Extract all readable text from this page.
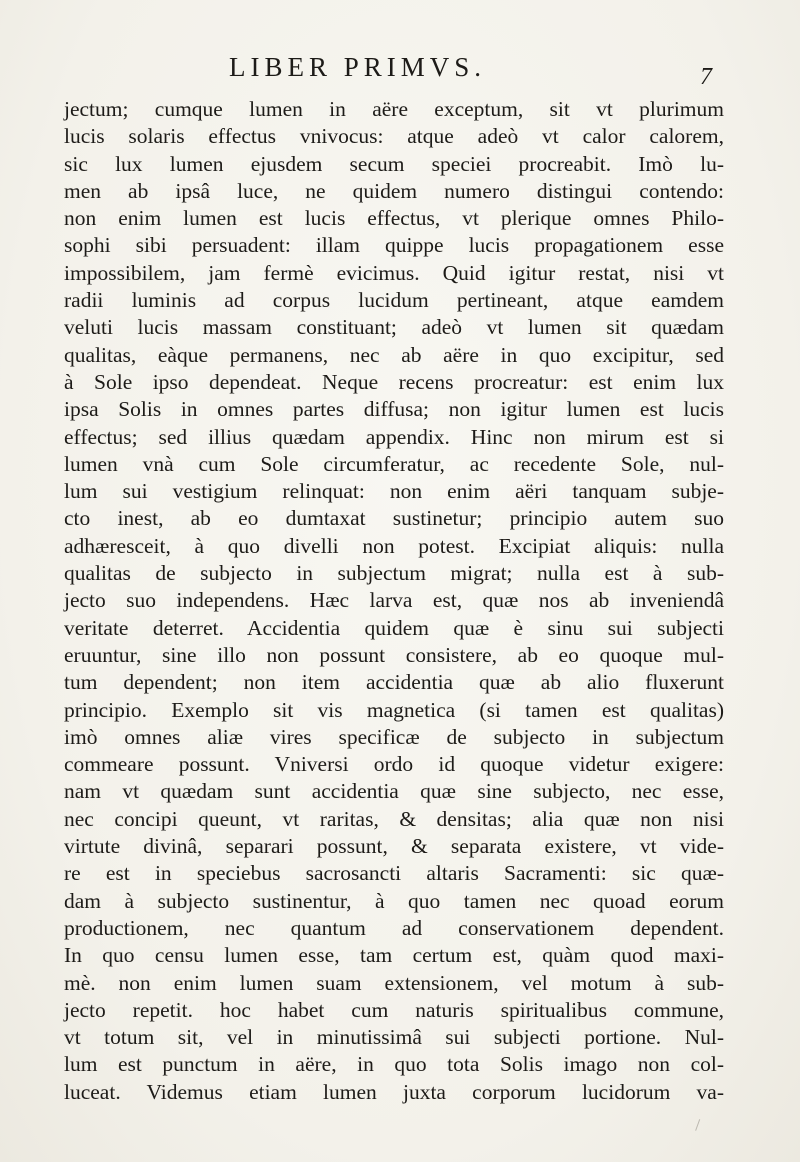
LIBER PRIMVS.	7
jectum; cumque lumen in aëre exceptum, sit vt plurimum
lucis solaris effectus vnivocus: atque adeò vt calor calorem,
sic lux lumen ejusdem secum speciei procreabit. Imò lu-
men ab ipsâ luce, ne quidem numero distingui contendo:
non enim lumen est lucis effectus, vt plerique omnes Philo-
sophi sibi persuadent: illam quippe lucis propagationem esse
impossibilem, jam fermè evicimus. Quid igitur restat, nisi vt
radii luminis ad corpus lucidum pertineant, atque eamdem
veluti lucis massam constituant; adeò vt lumen sit quædam
qualitas, eàque permanens, nec ab aëre in quo excipitur, sed
à Sole ipso dependeat. Neque recens procreatur: est enim lux
ipsa Solis in omnes partes diffusa; non igitur lumen est lucis
effectus; sed illius quædam appendix. Hinc non mirum est si
lumen vnà cum Sole circumferatur, ac recedente Sole, nul-
lum sui vestigium relinquat: non enim aëri tanquam subje-
cto inest, ab eo dumtaxat sustinetur; principio autem suo
adhæresceit, à quo divelli non potest. Excipiat aliquis: nulla
qualitas de subjecto in subjectum migrat; nulla est à sub-
jecto suo independens. Hæc larva est, quæ nos ab inveniendâ
veritate deterret. Accidentia quidem quæ è sinu sui subjecti
eruuntur, sine illo non possunt consistere, ab eo quoque mul-
tum dependent; non item accidentia quæ ab alio fluxerunt
principio. Exemplo sit vis magnetica (si tamen est qualitas)
imò omnes aliæ vires specificæ de subjecto in subjectum
commeare possunt. Vniversi ordo id quoque videtur exigere:
nam vt quædam sunt accidentia quæ sine subjecto, nec esse,
nec concipi queunt, vt raritas, & densitas; alia quæ non nisi
virtute divinâ, separari possunt, & separata existere, vt vide-
re est in speciebus sacrosancti altaris Sacramenti: sic quæ-
dam à subjecto sustinentur, à quo tamen nec quoad eorum
productionem, nec quantum ad conservationem dependent.
In quo censu lumen esse, tam certum est, quàm quod maxi-
mè. non enim lumen suam extensionem, vel motum à sub-
jecto repetit. hoc habet cum naturis spiritualibus commune,
vt totum sit, vel in minutissimâ sui subjecti portione. Nul-
lum est punctum in aëre, in quo tota Solis imago non col-
luceat. Videmus etiam lumen juxta corporum lucidorum va-
